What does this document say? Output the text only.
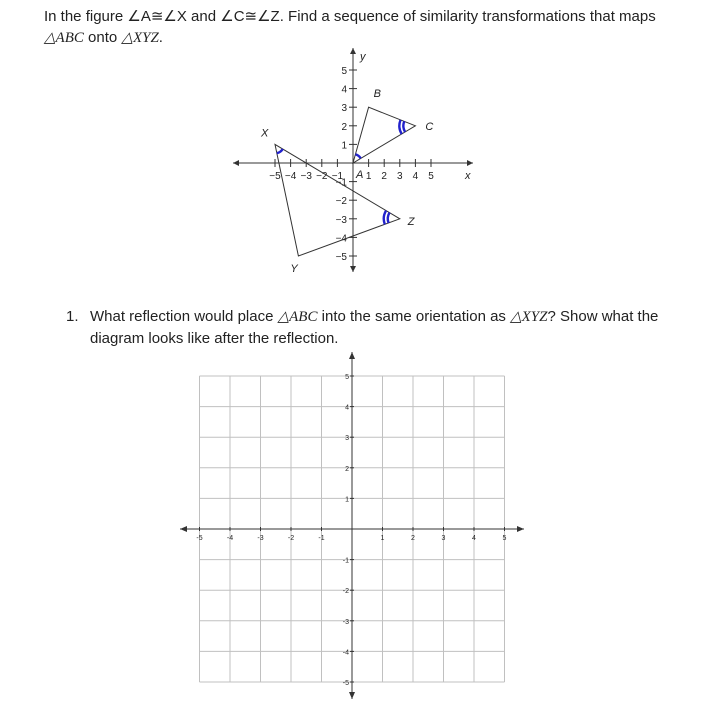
In the figure ∠A≅∠X and ∠C≅∠Z. Find a sequence of similarity transformations that maps
△ABC onto △XYZ.
y
x
−5 −4 −3 −2 −1 1 2 3 4 5
5
4
3
2
1
−1
−2
−3
−4
−5
A
B
C
X
Y
Z
1. What reflection would place △ABC into the same orientation as △XYZ? Show what the diagram looks like after the reflection.
-5	-4	-3	-2	-1	1	2	3	4	5
5
4
3
2
1
-1
-2
-3
-4
-5
